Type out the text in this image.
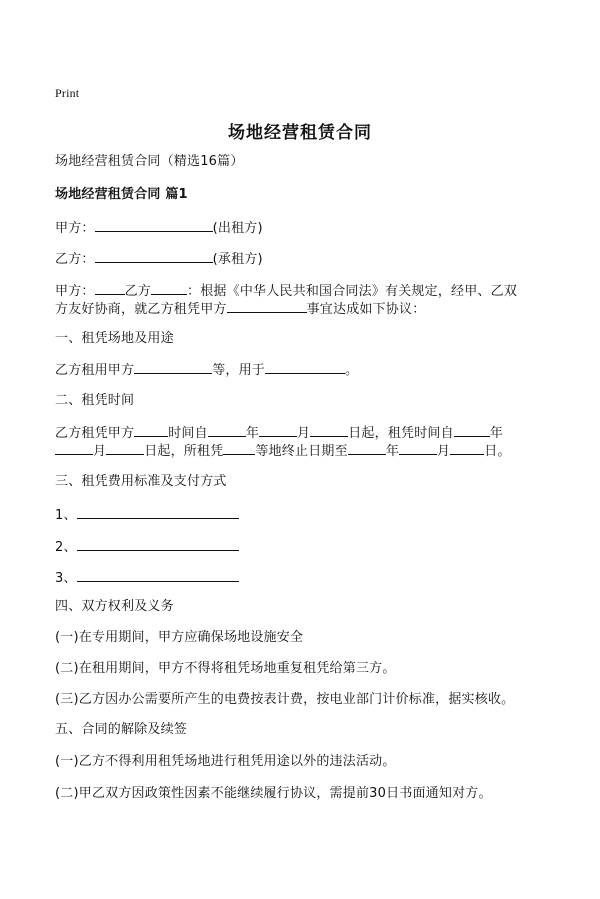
Print
场地经营租赁合同
场地经营租赁合同（精选16篇）
场地经营租赁合同 篇1
甲方：	(出租方)
乙方：	(承租方)
甲方： 乙方	：根据《中华人民共和国合同法》有关规定，经甲、乙双
方友好协商，就乙方租凭甲方	事宜达成如下协议：
一、租凭场地及用途
乙方租用甲方	等，用于	。
二、租凭时间
乙方租凭甲方	时间自	年	月	日起，租凭时间自	年
月	日起，所租凭 等地终止日期至	年	月	日。
三、租凭费用标准及支付方式
1、
2、
3、
四、双方权利及义务
(一)在专用期间，甲方应确保场地设施安全
(二)在租用期间，甲方不得将租凭场地重复租凭给第三方。
(三)乙方因办公需要所产生的电费按表计费，按电业部门计价标准，据实核收。
五、合同的解除及续签
(一)乙方不得利用租凭场地进行租凭用途以外的违法活动。
(二)甲乙双方因政策性因素不能继续履行协议，需提前30日书面通知对方。
